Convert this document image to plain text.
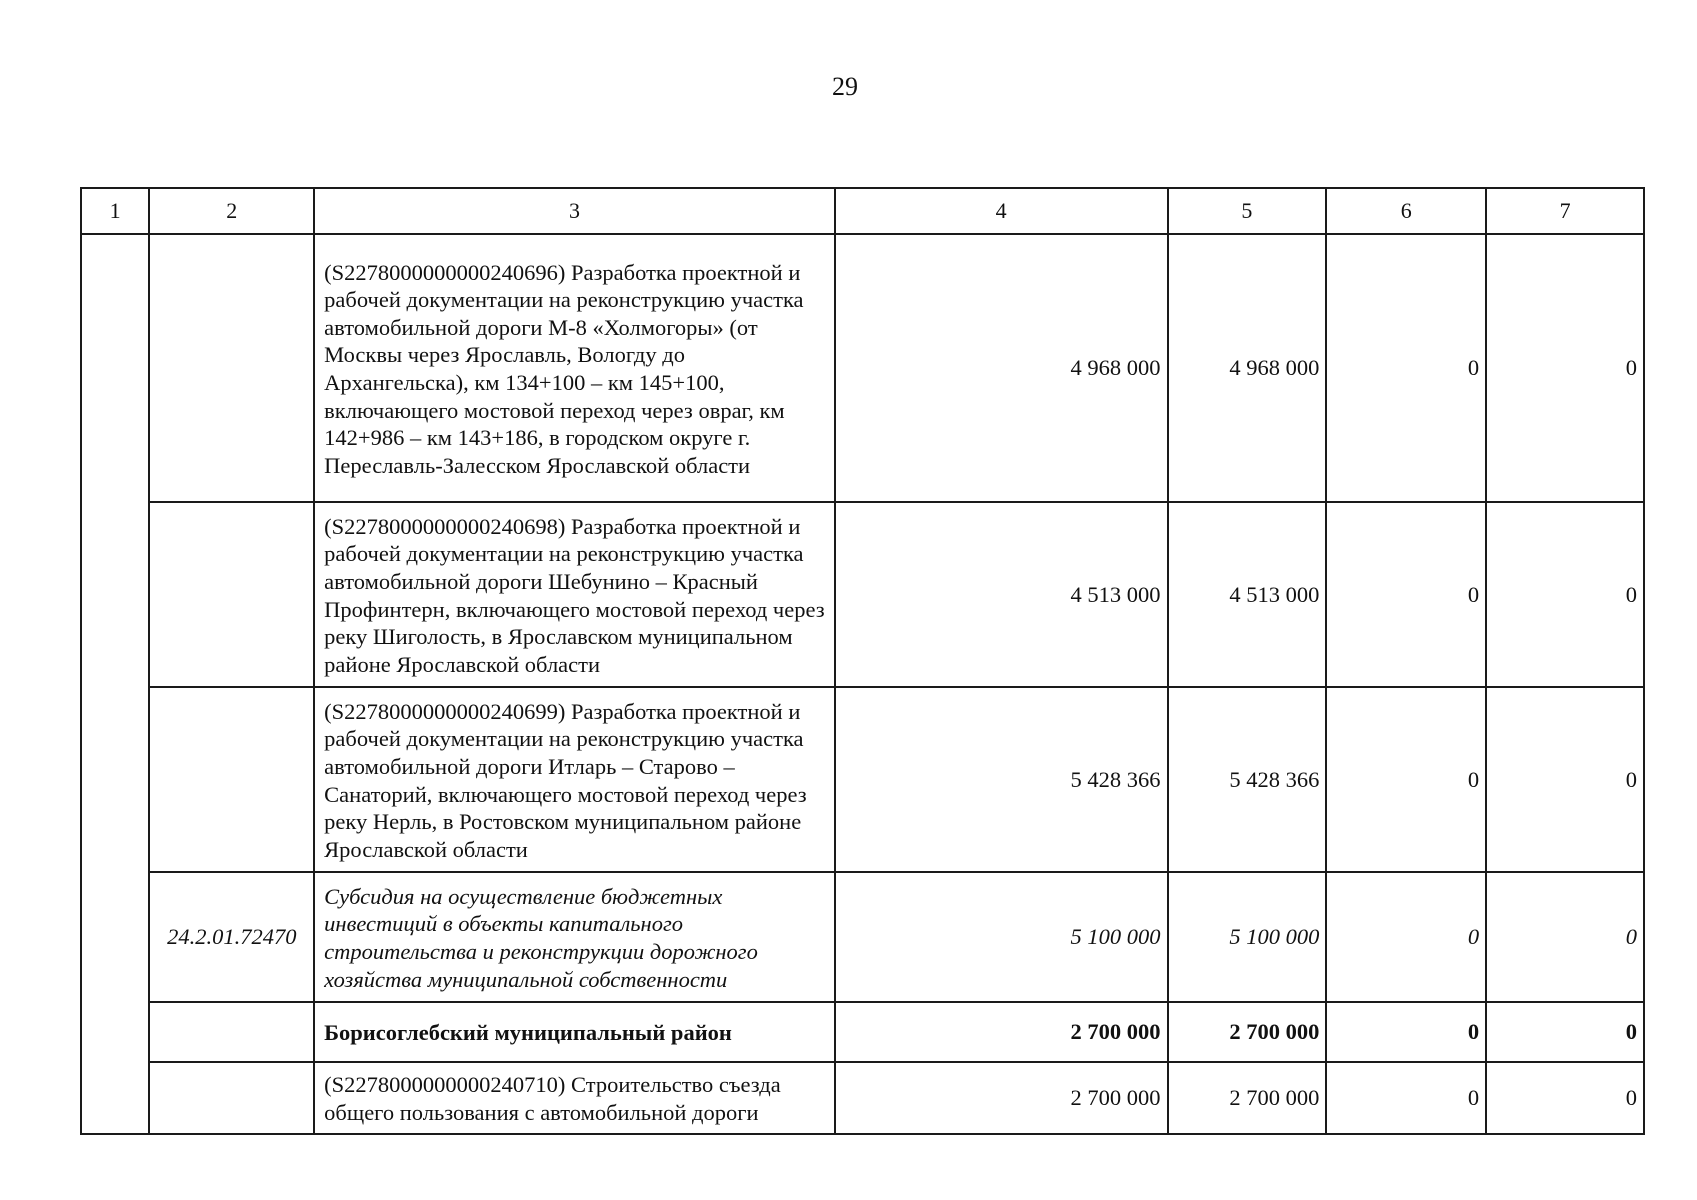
29
1	2	3	4	5	6	7
		(S2278000000000240696) Разработка проектной и рабочей документации на реконструкцию участка автомобильной дороги М-8 «Холмогоры» (от Москвы через Ярославль, Вологду до Архангельска), км 134+100 – км 145+100, включающего мостовой переход через овраг, км 142+986 – км 143+186, в городском округе г. Переславль-Залесском Ярославской области	4 968 000	4 968 000	0	0
		(S2278000000000240698) Разработка проектной и рабочей документации на реконструкцию участка автомобильной дороги Шебунино – Красный Профинтерн, включающего мостовой переход через реку Шиголость, в Ярославском муниципальном районе Ярославской области	4 513 000	4 513 000	0	0
		(S2278000000000240699) Разработка проектной и рабочей документации на реконструкцию участка автомобильной дороги Итларь – Старово – Санаторий, включающего мостовой переход через реку Нерль, в Ростовском муниципальном районе Ярославской области	5 428 366	5 428 366	0	0
	24.2.01.72470	Субсидия на осуществление бюджетных инвестиций в объекты капитального строительства и реконструкции дорожного хозяйства муниципальной собственности	5 100 000	5 100 000	0	0
		Борисоглебский муниципальный район	2 700 000	2 700 000	0	0
		(S2278000000000240710) Строительство съезда общего пользования с автомобильной дороги	2 700 000	2 700 000	0	0
